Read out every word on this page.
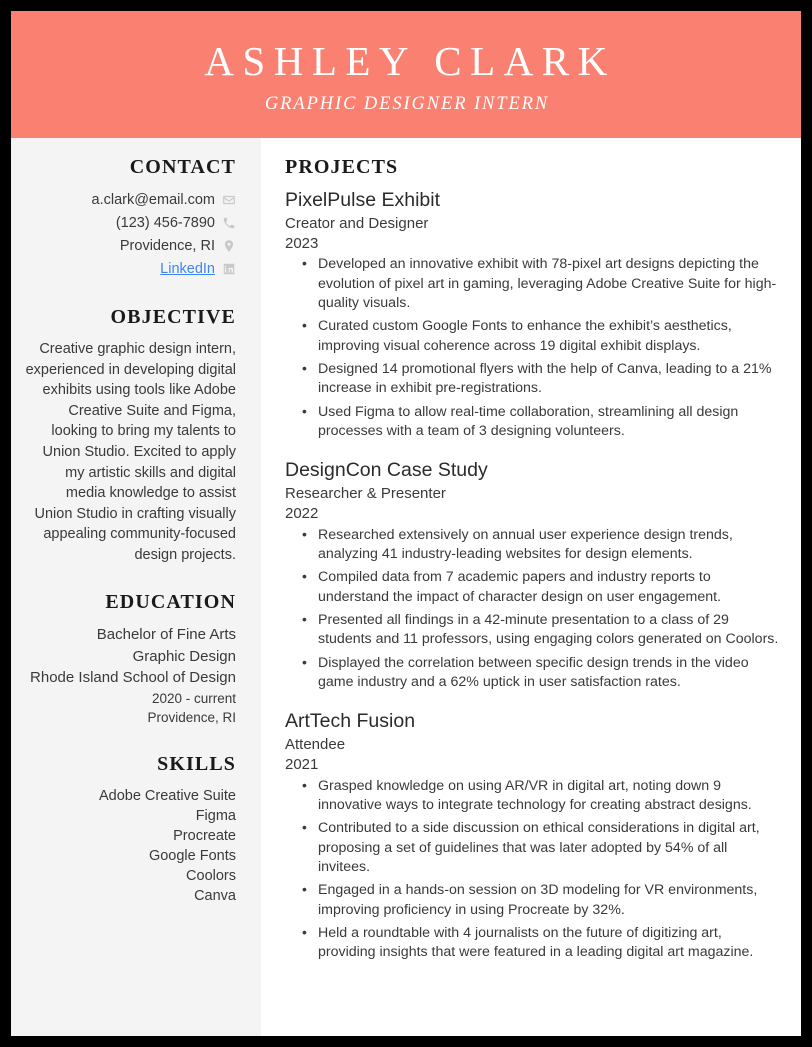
ASHLEY CLARK
GRAPHIC DESIGNER INTERN
CONTACT
a.clark@email.com
(123) 456-7890
Providence, RI
LinkedIn
OBJECTIVE
Creative graphic design intern, experienced in developing digital exhibits using tools like Adobe Creative Suite and Figma, looking to bring my talents to Union Studio. Excited to apply my artistic skills and digital media knowledge to assist Union Studio in crafting visually appealing community-focused design projects.
EDUCATION
Bachelor of Fine Arts
Graphic Design
Rhode Island School of Design
2020 - current
Providence, RI
SKILLS
Adobe Creative Suite
Figma
Procreate
Google Fonts
Coolors
Canva
PROJECTS
PixelPulse Exhibit
Creator and Designer
2023
• Developed an innovative exhibit with 78-pixel art designs depicting the evolution of pixel art in gaming, leveraging Adobe Creative Suite for high-quality visuals.
• Curated custom Google Fonts to enhance the exhibit’s aesthetics, improving visual coherence across 19 digital exhibit displays.
• Designed 14 promotional flyers with the help of Canva, leading to a 21% increase in exhibit pre-registrations.
• Used Figma to allow real-time collaboration, streamlining all design processes with a team of 3 designing volunteers.
DesignCon Case Study
Researcher & Presenter
2022
• Researched extensively on annual user experience design trends, analyzing 41 industry-leading websites for design elements.
• Compiled data from 7 academic papers and industry reports to understand the impact of character design on user engagement.
• Presented all findings in a 42-minute presentation to a class of 29 students and 11 professors, using engaging colors generated on Coolors.
• Displayed the correlation between specific design trends in the video game industry and a 62% uptick in user satisfaction rates.
ArtTech Fusion
Attendee
2021
• Grasped knowledge on using AR/VR in digital art, noting down 9 innovative ways to integrate technology for creating abstract designs.
• Contributed to a side discussion on ethical considerations in digital art, proposing a set of guidelines that was later adopted by 54% of all invitees.
• Engaged in a hands-on session on 3D modeling for VR environments, improving proficiency in using Procreate by 32%.
• Held a roundtable with 4 journalists on the future of digitizing art, providing insights that were featured in a leading digital art magazine.
